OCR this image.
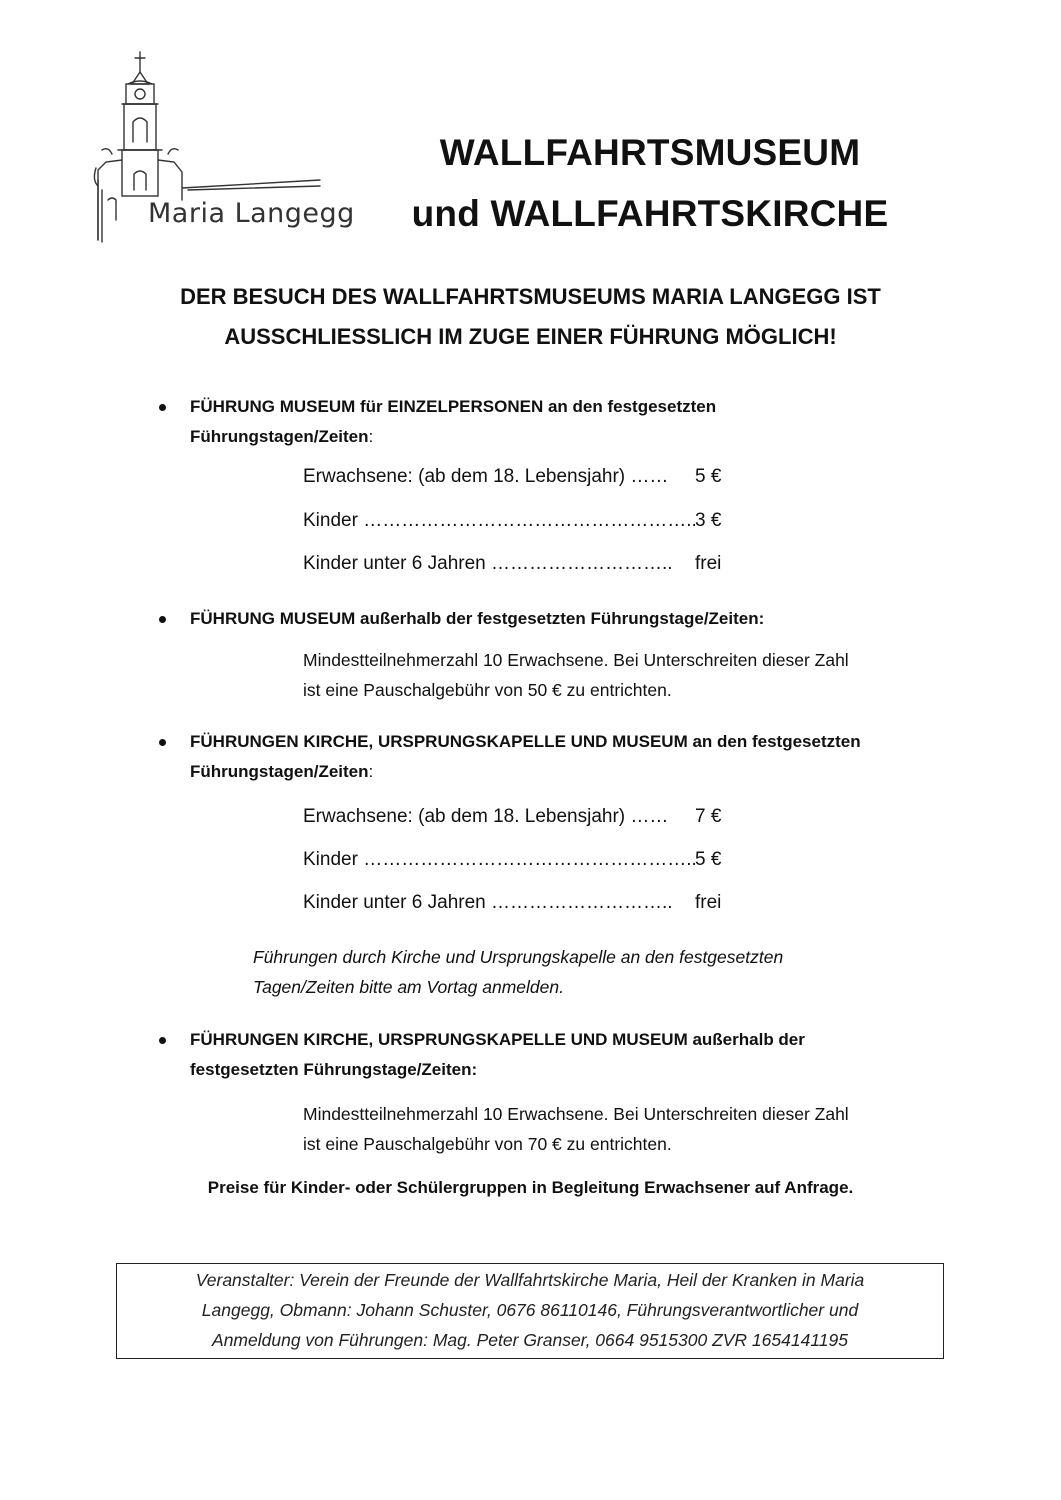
Maria Langegg
WALLFAHRTSMUSEUM
und WALLFAHRTSKIRCHE
DER BESUCH DES WALLFAHRTSMUSEUMS MARIA LANGEGG IST
AUSSCHLIESSLICH IM ZUGE EINER FÜHRUNG MÖGLICH!
FÜHRUNG MUSEUM für EINZELPERSONEN an den festgesetzten
Führungstagen/Zeiten:
Erwachsene: (ab dem 18. Lebensjahr) …… 5 €
Kinder ……………………………………………..
3 €
Kinder unter 6 Jahren ……………………….. frei
FÜHRUNG MUSEUM außerhalb der festgesetzten Führungstage/Zeiten:
Mindestteilnehmerzahl 10 Erwachsene. Bei Unterschreiten dieser Zahl
ist eine Pauschalgebühr von 50 € zu entrichten.
FÜHRUNGEN KIRCHE, URSPRUNGSKAPELLE UND MUSEUM an den festgesetzten
Führungstagen/Zeiten:
Erwachsene: (ab dem 18. Lebensjahr) …… 7 €
Kinder ……………………………………………..
5 €
Kinder unter 6 Jahren ……………………….. frei
Führungen durch Kirche und Ursprungskapelle an den festgesetzten
Tagen/Zeiten bitte am Vortag anmelden.
FÜHRUNGEN KIRCHE, URSPRUNGSKAPELLE UND MUSEUM außerhalb der
festgesetzten Führungstage/Zeiten:
Mindestteilnehmerzahl 10 Erwachsene. Bei Unterschreiten dieser Zahl
ist eine Pauschalgebühr von 70 € zu entrichten.
Preise für Kinder- oder Schülergruppen in Begleitung Erwachsener auf Anfrage.
Veranstalter: Verein der Freunde der Wallfahrtskirche Maria, Heil der Kranken in Maria
Langegg, Obmann: Johann Schuster, 0676 86110146, Führungsverantwortlicher und
Anmeldung von Führungen: Mag. Peter Granser, 0664 9515300 ZVR 1654141195
